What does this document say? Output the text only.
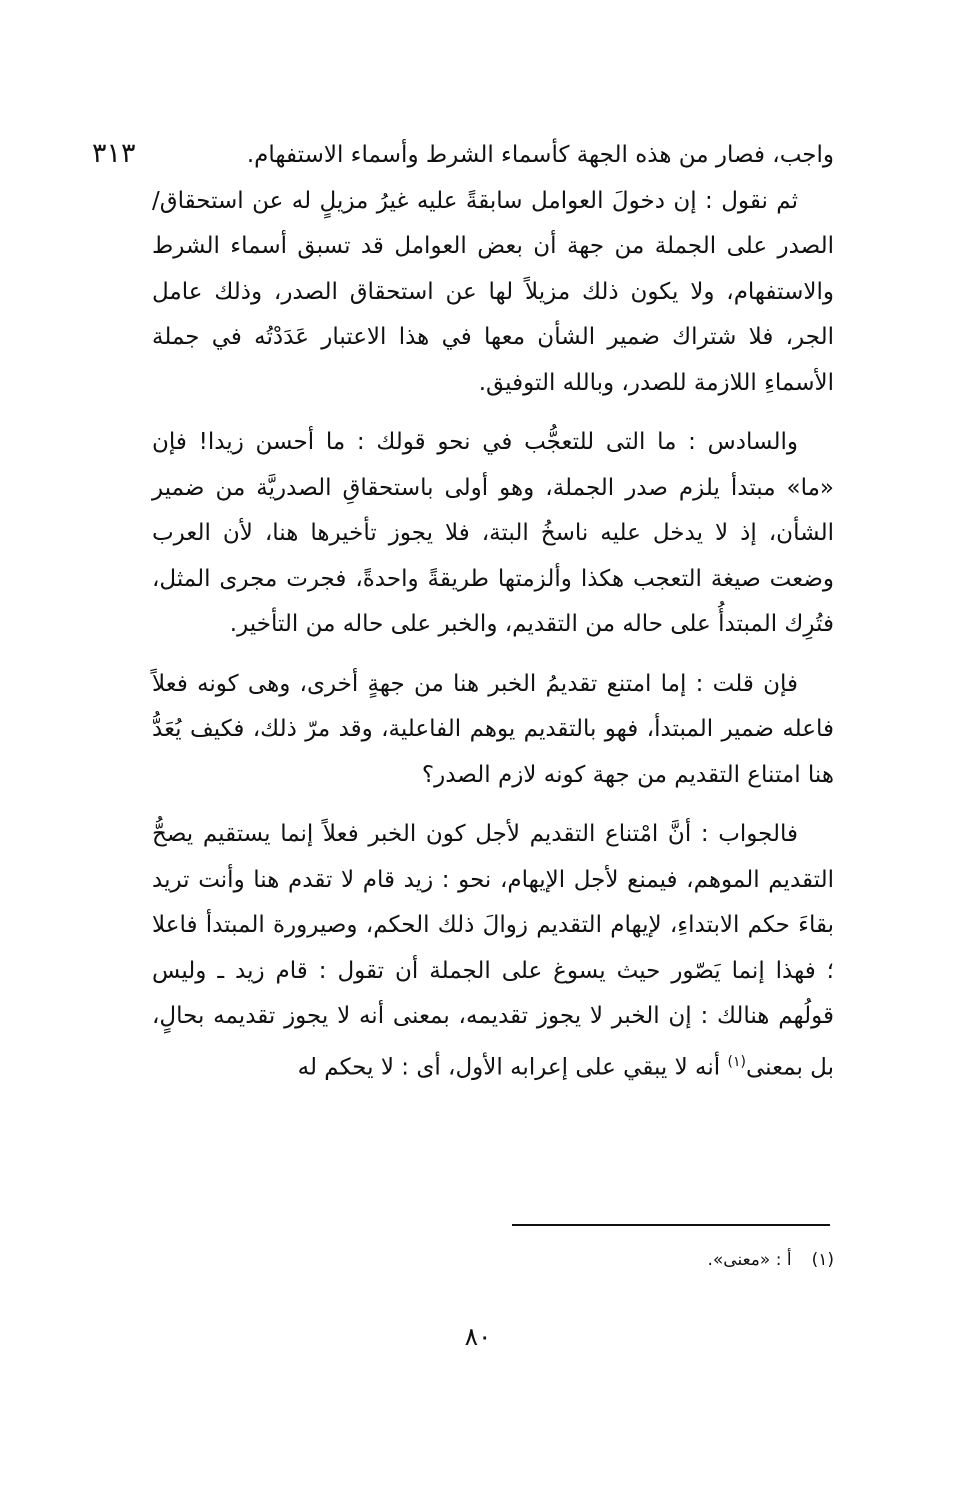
٣١٣	واجب، فصار من هذه الجهة كأسماء الشرط وأسماء الاستفهام.

ثم نقول : إن دخولَ العوامل سابقةً عليه غيرُ مزيلٍ له عن استحقاق/ الصدر على الجملة من جهة أن بعض العوامل قد تسبق أسماء الشرط والاستفهام، ولا يكون ذلك مزيلاً لها عن استحقاق الصدر، وذلك عامل الجر، فلا شتراك ضمير الشأن معها في هذا الاعتبار عَدَدْتُه في جملة الأسماءِ اللازمة للصدر، وبالله التوفيق.

والسادس : ما التى للتعجُّب في نحو قولك : ما أحسن زيدا! فإن «ما» مبتدأ يلزم صدر الجملة، وهو أولى باستحقاقِ الصدريَّة من ضمير الشأن، إذ لا يدخل عليه ناسخُ البتة، فلا يجوز تأخيرها هنا، لأن العرب وضعت صيغة التعجب هكذا وألزمتها طريقةً واحدةً، فجرت مجرى المثل، فتُرِك المبتدأُ على حاله من التقديم، والخبر على حاله من التأخير.

فإن قلت : إما امتنع تقديمُ الخبر هنا من جهةٍ أخرى، وهى كونه فعلاً فاعله ضمير المبتدأ، فهو بالتقديم يوهم الفاعلية، وقد مرّ ذلك، فكيف يُعَدُّ هنا امتناع التقديم من جهة كونه لازم الصدر؟

فالجواب : أنَّ امْتناع التقديم لأجل كون الخبر فعلاً إنما يستقيم يصحُّ التقديم الموهم، فيمنع لأجل الإيهام، نحو : زيد قام لا تقدم هنا وأنت تريد بقاءَ حكم الابتداءِ، لإيهام التقديم زوالَ ذلك الحكم، وصيرورة المبتدأ فاعلا ؛ فهذا إنما يَصّور حيث يسوغ على الجملة أن تقول : قام زيد ـ وليس قولُهم هنالك : إن الخبر لا يجوز تقديمه، بمعنى أنه لا يجوز تقديمه بحالٍ، بل بمعنى$^{(١)}$ أنه لا يبقي على إعرابه الأول، أى : لا يحكم له

(١)أ : «معنى».
٨٠
